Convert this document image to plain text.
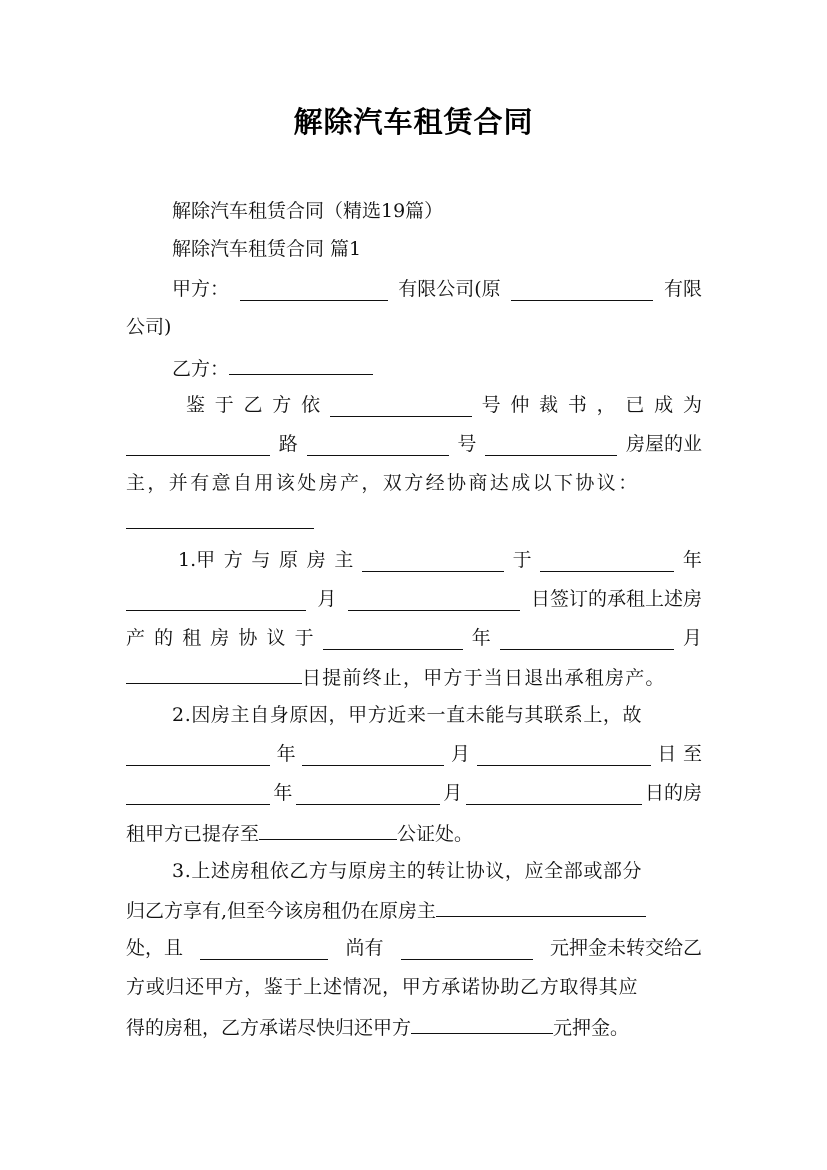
解除汽车租赁合同
解除汽车租赁合同（精选19篇）
解除汽车租赁合同 篇1
甲方：	有限公司(原	有限
公司)
乙方：
鉴 于 乙 方 依	号 仲 裁 书 ， 已 成 为
路	号	房屋的业
主，并有意自用该处房产，双方经协商达成以下协议：
1.甲 方 与 原 房 主	于	年
月	日签订的承租上述房
产 的 租 房 协 议 于	年	月
日提前终止，甲方于当日退出承租房产。
2.因房主自身原因，甲方近来一直未能与其联系上，故
年	月	日 至
年	月	日的房
租甲方已提存至	公证处。
3.上述房租依乙方与原房主的转让协议，应全部或部分
归乙方享有,但至今该房租仍在原房主
处，且	尚有	元押金未转交给乙
方或归还甲方，鉴于上述情况，甲方承诺协助乙方取得其应
得的房租，乙方承诺尽快归还甲方	元押金。
